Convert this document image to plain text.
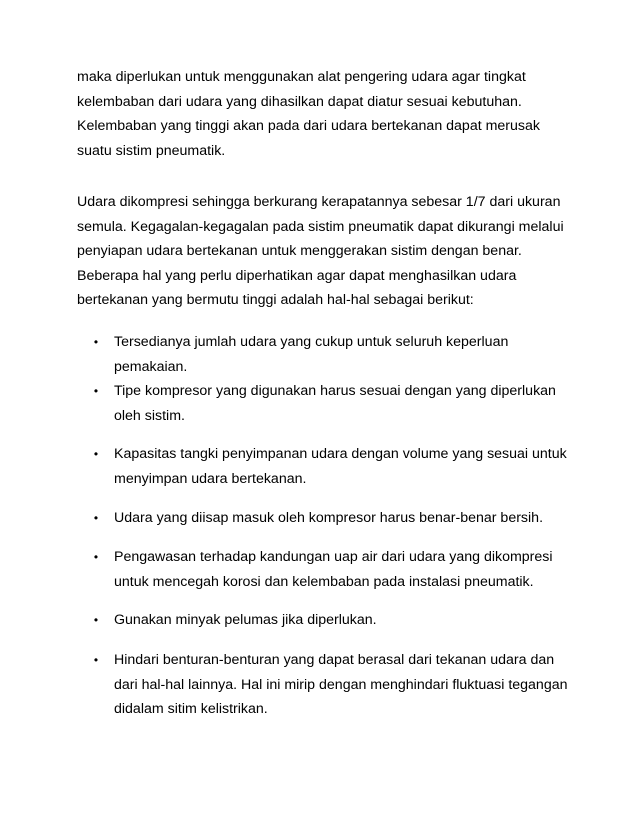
maka diperlukan untuk menggunakan alat pengering udara agar tingkat
kelembaban dari udara yang dihasilkan dapat diatur sesuai kebutuhan.
Kelembaban yang tinggi akan pada dari udara bertekanan dapat merusak
suatu sistim pneumatik.
Udara dikompresi sehingga berkurang kerapatannya sebesar 1/7 dari ukuran
semula. Kegagalan-kegagalan pada sistim pneumatik dapat dikurangi melalui
penyiapan udara bertekanan untuk menggerakan sistim dengan benar.
Beberapa hal yang perlu diperhatikan agar dapat menghasilkan udara
bertekanan yang bermutu tinggi adalah hal-hal sebagai berikut:
• Tersedianya jumlah udara yang cukup untuk seluruh keperluan
pemakaian.
• Tipe kompresor yang digunakan harus sesuai dengan yang diperlukan
oleh sistim.
• Kapasitas tangki penyimpanan udara dengan volume yang sesuai untuk
menyimpan udara bertekanan.
• Udara yang diisap masuk oleh kompresor harus benar-benar bersih.
• Pengawasan terhadap kandungan uap air dari udara yang dikompresi
untuk mencegah korosi dan kelembaban pada instalasi pneumatik.
• Gunakan minyak pelumas jika diperlukan.
• Hindari benturan-benturan yang dapat berasal dari tekanan udara dan
dari hal-hal lainnya. Hal ini mirip dengan menghindari fluktuasi tegangan
didalam sitim kelistrikan.
